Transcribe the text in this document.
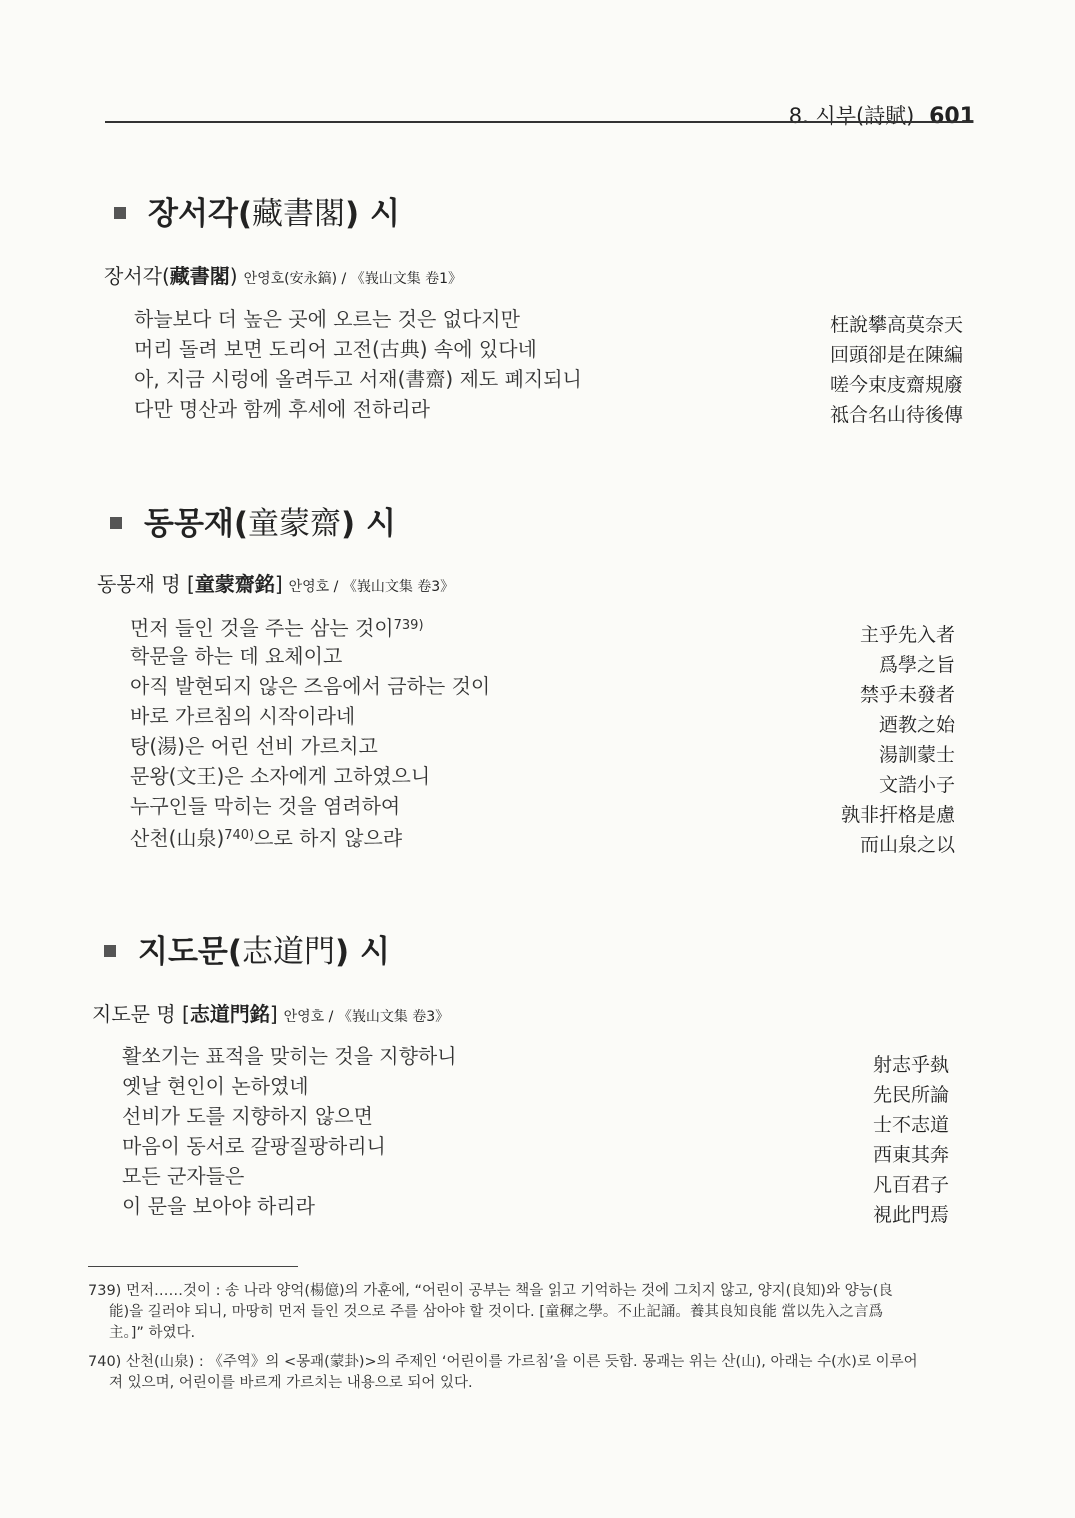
8. 시부(詩賦) 601
장서각(藏書閣) 시
장서각(藏書閣) 안영호(安永鎬) / 《峩山文集 卷1》
하늘보다 더 높은 곳에 오르는 것은 없다지만
머리 돌려 보면 도리어 고전(古典) 속에 있다네
아, 지금 시렁에 올려두고 서재(書齋) 제도 폐지되니
다만 명산과 함께 후세에 전하리라
枉說攀高莫奈天
回頭卻是在陳編
嗟今束庋齋規廢
祗合名山待後傳
동몽재(童蒙齋) 시
동몽재 명 [童蒙齋銘] 안영호 / 《峩山文集 卷3》
먼저 들인 것을 주는 삼는 것이$^{739)}$
학문을 하는 데 요체이고
아직 발현되지 않은 즈음에서 금하는 것이
바로 가르침의 시작이라네
탕(湯)은 어린 선비 가르치고
문왕(文王)은 소자에게 고하였으니
누구인들 막히는 것을 염려하여
산천(山泉)$^{740)}$으로 하지 않으랴
主乎先入者
爲學之旨
禁乎未發者
迺教之始
湯訓蒙士
文誥小子
孰非扞格是慮
而山泉之以
지도문(志道門) 시
지도문 명 [志道門銘] 안영호 / 《峩山文集 卷3》
활쏘기는 표적을 맞히는 것을 지향하니
옛날 현인이 논하였네
선비가 도를 지향하지 않으면
마음이 동서로 갈팡질팡하리니
모든 군자들은
이 문을 보아야 하리라
射志乎埶
先民所論
士不志道
西東其奔
凡百君子
視此門焉
739) 먼저……것이 : 송 나라 양억(楊億)의 가훈에, “어린이 공부는 책을 읽고 기억하는 것에 그치지 않고, 양지(良知)와 양능(良
能)을 길러야 되니, 마땅히 먼저 들인 것으로 주를 삼아야 할 것이다. [童穉之學。不止記誦。養其良知良能 當以先入之言爲
主。]” 하였다.
740) 산천(山泉) : 《주역》의 <몽괘(蒙卦)>의 주제인 ‘어린이를 가르침’을 이른 듯함. 몽괘는 위는 산(山), 아래는 수(水)로 이루어
져 있으며, 어린이를 바르게 가르치는 내용으로 되어 있다.
